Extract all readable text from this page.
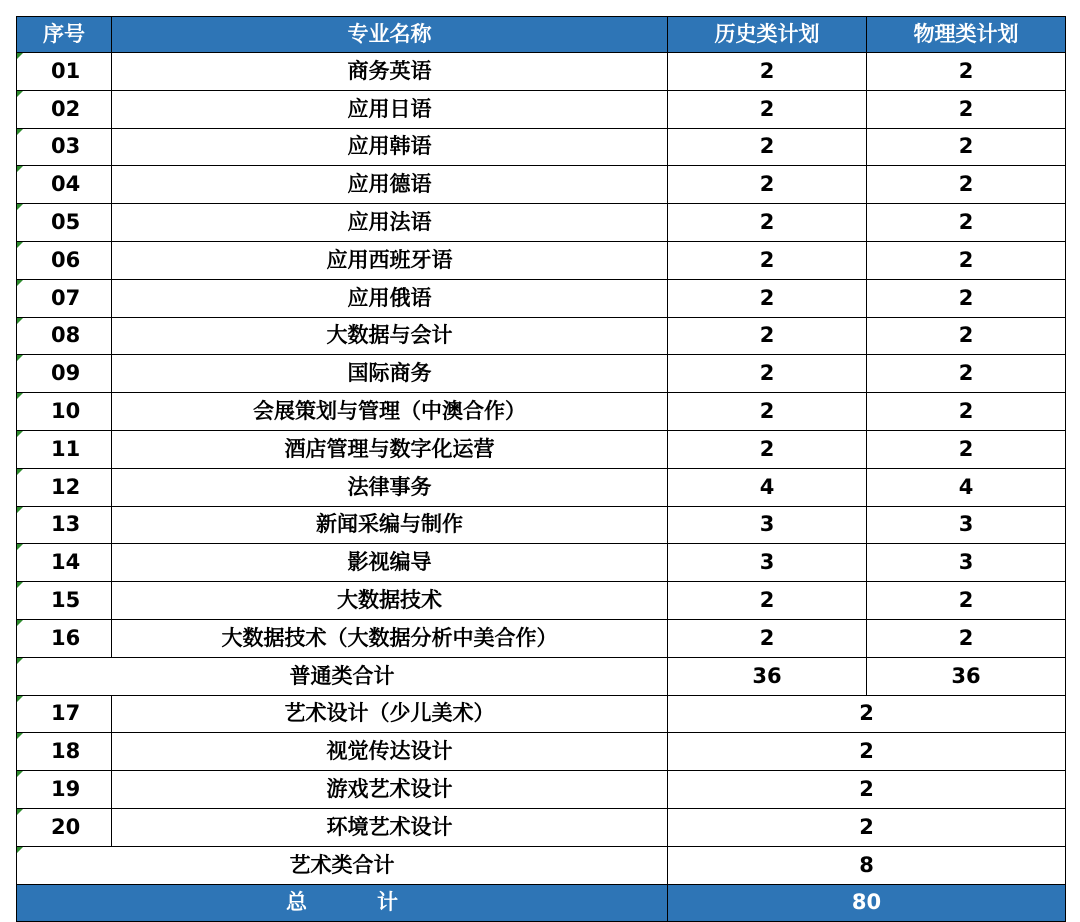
序号	专业名称	历史类计划	物理类计划
01	商务英语	2	2
02	应用日语	2	2
03	应用韩语	2	2
04	应用德语	2	2
05	应用法语	2	2
06	应用西班牙语	2	2
07	应用俄语	2	2
08	大数据与会计	2	2
09	国际商务	2	2
10	会展策划与管理（中澳合作）	2	2
11	酒店管理与数字化运营	2	2
12	法律事务	4	4
13	新闻采编与制作	3	3
14	影视编导	3	3
15	大数据技术	2	2
16	大数据技术（大数据分析中美合作）	2	2
普通类合计		36	36
17	艺术设计（少儿美术）	2	
18	视觉传达设计	2	
19	游戏艺术设计	2	
20	环境艺术设计	2	
艺术类合计		8	
总 计		80	
